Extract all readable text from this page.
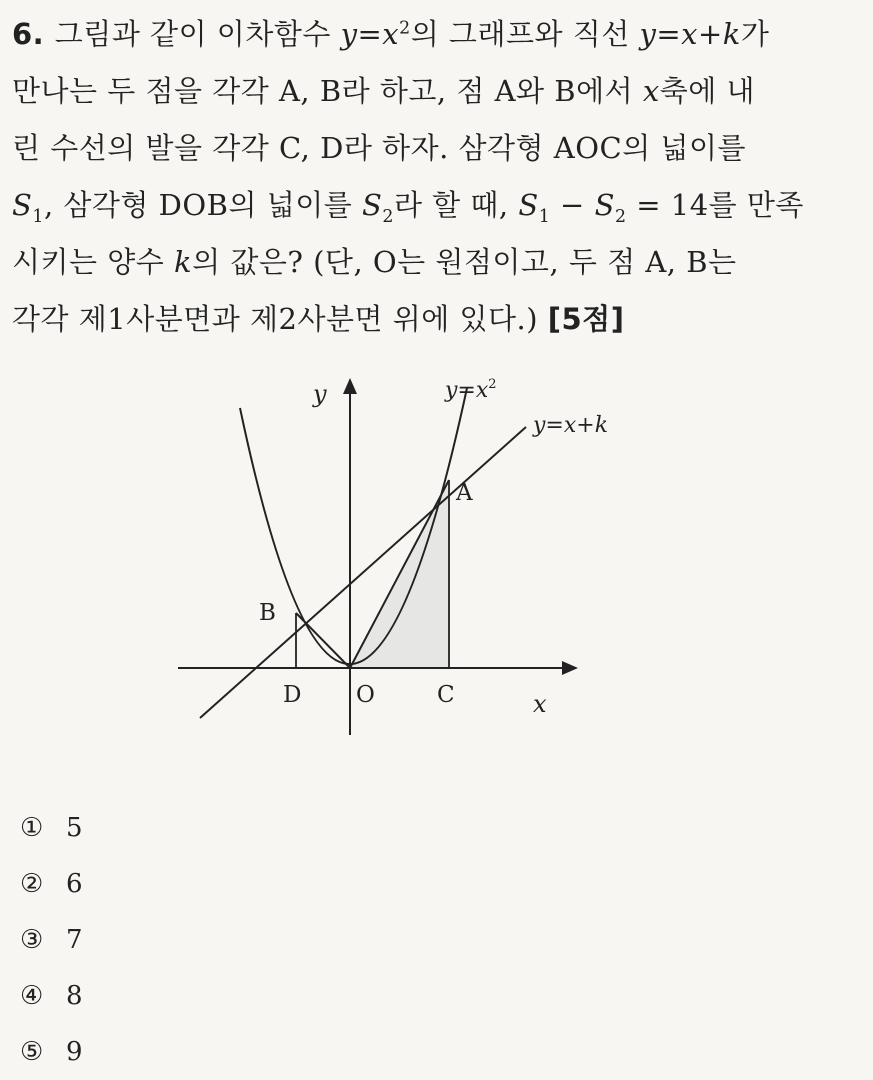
6. 그림과 같이 이차함수 $y=x^2$의 그래프와 직선 y=x+k가
만나는 두 점을 각각 A, B라 하고, 점 A와 B에서 x축에 내
린 수선의 발을 각각 C, D라 하자. 삼각형 AOC의 넓이를
$S_1$, 삼각형 DOB의 넓이를 $S_2$라 할 때, $S_1 - S_2 = 14$를 만족
시키는 양수 k의 값은? (단, O는 원점이고, 두 점 A, B는
각각 제1사분면과 제2사분면 위에 있다.) [5점]
y
x
$y=x^2$
y=x+k
A
B
C
D O
① 5
② 6
③ 7
④ 8
⑤ 9
